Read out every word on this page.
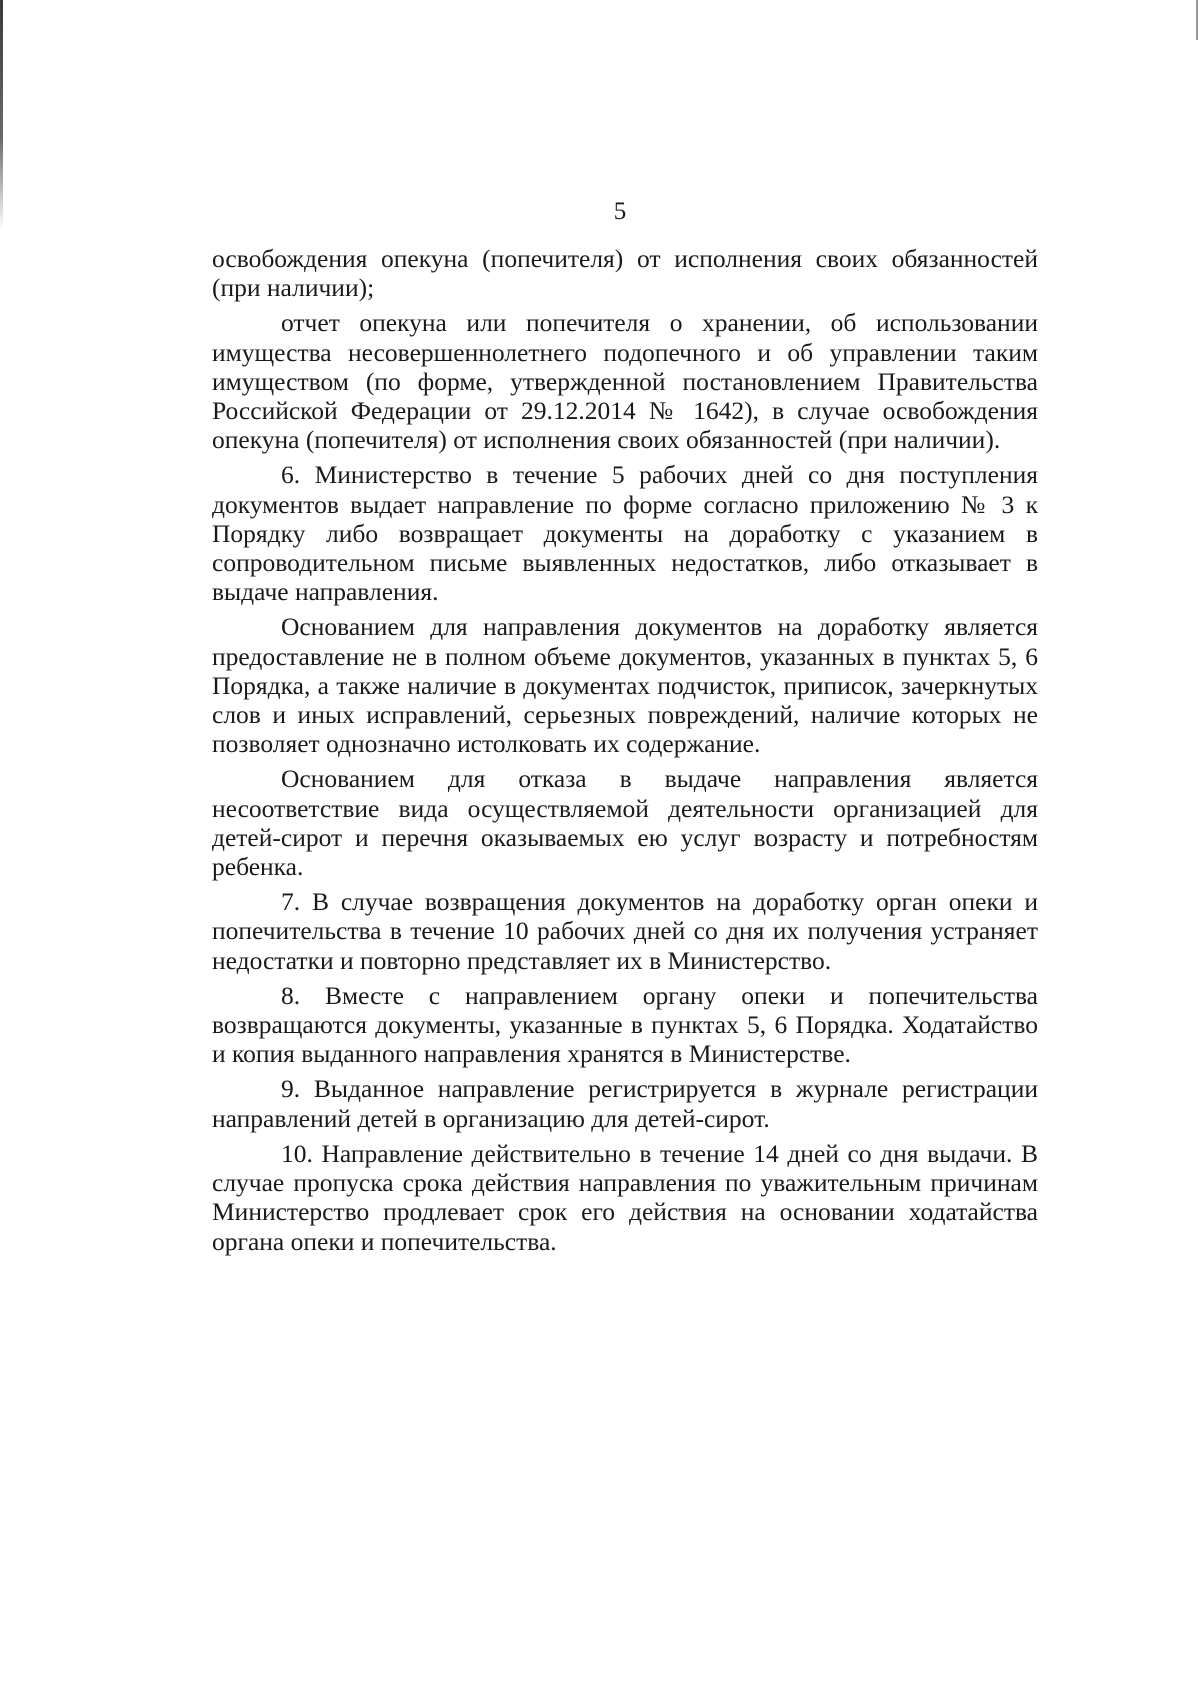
5

освобождения опекуна (попечителя) от исполнения своих обязанностей (при наличии);

отчет опекуна или попечителя о хранении, об использовании имущества несовершеннолетнего подопечного и об управлении таким имуществом (по форме, утвержденной постановлением Правительства Российской Федерации от 29.12.2014 № 1642), в случае освобождения опекуна (попечителя) от исполнения своих обязанностей (при наличии).

6. Министерство в течение 5 рабочих дней со дня поступления документов выдает направление по форме согласно приложению № 3 к Порядку либо возвращает документы на доработку с указанием в сопроводительном письме выявленных недостатков, либо отказывает в выдаче направления.

Основанием для направления документов на доработку является предоставление не в полном объеме документов, указанных в пунктах 5, 6 Порядка, а также наличие в документах подчисток, приписок, зачеркнутых слов и иных исправлений, серьезных повреждений, наличие которых не позволяет однозначно истолковать их содержание.

Основанием для отказа в выдаче направления является несоответствие вида осуществляемой деятельности организацией для детей-сирот и перечня оказываемых ею услуг возрасту и потребностям ребенка.

7. В случае возвращения документов на доработку орган опеки и попечительства в течение 10 рабочих дней со дня их получения устраняет недостатки и повторно представляет их в Министерство.

8. Вместе с направлением органу опеки и попечительства возвращаются документы, указанные в пунктах 5, 6 Порядка. Ходатайство и копия выданного направления хранятся в Министерстве.

9. Выданное направление регистрируется в журнале регистрации направлений детей в организацию для детей-сирот.

10. Направление действительно в течение 14 дней со дня выдачи. В случае пропуска срока действия направления по уважительным причинам Министерство продлевает срок его действия на основании ходатайства органа опеки и попечительства.
